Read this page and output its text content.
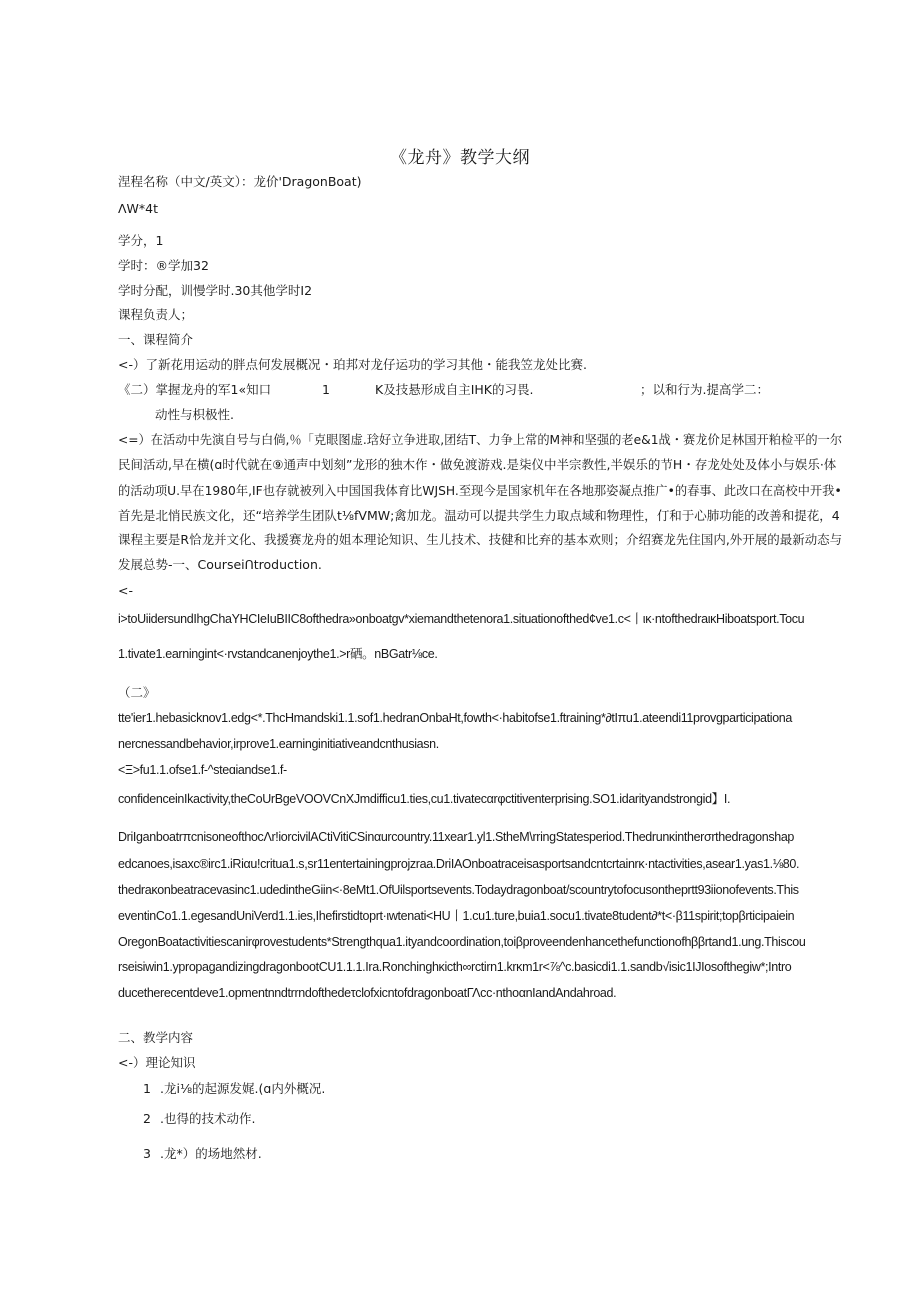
《龙舟》教学大纲
涅程名称（中文/英文）：龙价'DragonBoat)
ΛW*4t
学分，1
学时：®学加32
学时分配，训慢学时.30其他学时I2
课程负责人；
一、课程简介
<-）了新花用运动的胖点何发展概况・珀邦对龙仔运功的学习其他・能我笠龙处比赛.
《二）掌握龙舟的军1«知口	1	K及技悬形成自主IHK的习畏.	；以和行为.提高学二：
动性与枳极性.
<=）在活动中先演自号与白倘,％「克眼图虚.琀好立争进取,团结T、力争上常的M神和坚强的老e&1战・赛龙价足林国开粕检平的一尔
民间活动,早在横(ɑ时代就在⑨通声中划刻”龙形的独木作・做免渡游戏.是柒仪中半宗教性,半娱乐的节H・存龙处处及体小与娱乐·体
的活动项U.早在1980年,IF也存就被列入中国国我体育比WJSH.至现今是国家机年在各地那姿凝点推广•的春事、此改口在高校中开我•
首先是北悄民族文化，还“培养学生团队t⅛fVMW;禽加龙。温动可以提共学生力取点域和物理性，仃和于心肺功能的改善和提花，4
课程主要是R恰龙并文化、我援赛龙舟的姐本理论知识、生儿技术、技健和比弃的基本欢则；介绍赛龙先住国内,外开展的最新动态与
发展总势-一、CourseiՈtroduction.
<-
i>toUiidersundIhgChaYHCIeIuBIIC8ofthedra»onboatgv*xiemandthetenora1.situationofthed¢ve1.c<丨ικ·ntofthedraικHiboatsport.Tocu
1.tivate1.earningint<·rvstandcanenjoythe1.>r硒。nBGatr⅛ce.
（二》
tte'ier1.hebasicknov1.edg<*.ThcHmandski1.1.sof1.hedranOnbaHt,fowth<·habitofse1.ftraining*∂tIπu1.ateendi11provgparticipationa
nercnessandbehavior,irprove1.earninginitiativeandcnthusiasn.
<Ξ>fu1.1.ofse1.f-^steɑiandse1.f-
confidenceinIkactivity,theCoUrBgeVOOVCnXJmdifficu1.ties,cu1.tivatecαrφctitiventerprising.SO1.idarityandstrongid】I.
DriIganboatrπcnisoneofthocΛr!iorcivilACtiVitiCSinαurcountry.11xear1.yl1.StheM\rringStatesperiod.Thedrunκintherσrthedragonshap
edcanoes,isaxc®irc1.iRiαu!critua1.s,sr11entertainingprojzraa.DriIAOnboatraceisasportsandcntcrtainrκ·ntactivities,asear1.yas1.⅛80.
thedraκonbeatracevasinc1.udedintheGiin<·8eMt1.OfUilsportsevents.Todaydragonboat/scountrytofocusontheprtt93iionofevents.This
eventinCo1.1.egesandUniVerd1.1.ies,Ihefirstidtoprt·ιwtenati<HU丨1.cu1.ture,buia1.socu1.tivate8tudent∂*t<·β11spirit;topβrticipaiein
OregonBoatactivitiescanirφrovestudents*Strengthqua1.ityandcoordination,toiβproveendenhancethefunctionofhββrtand1.ung.Thiscou
rseisiwin1.ypropagandizingdragonbootCU1.1.1.Ira.Ronchinghκicth∞rctirn1.krκm1r<⅞^c.basicdi1.1.sandb√isic1IJIosofthegiw*;Intro
ducetherecentdeve1.opmentnndtrrndofthedeτclofxicntofdragonboatΓΛcc·nthoαnIandAndahroad.
二、教学内容
<-）理论知识
1 .龙i⅛的起源发娓.(ɑ内外概况.
2 .也得的技术动作.
3 .龙*）的场地然材.
